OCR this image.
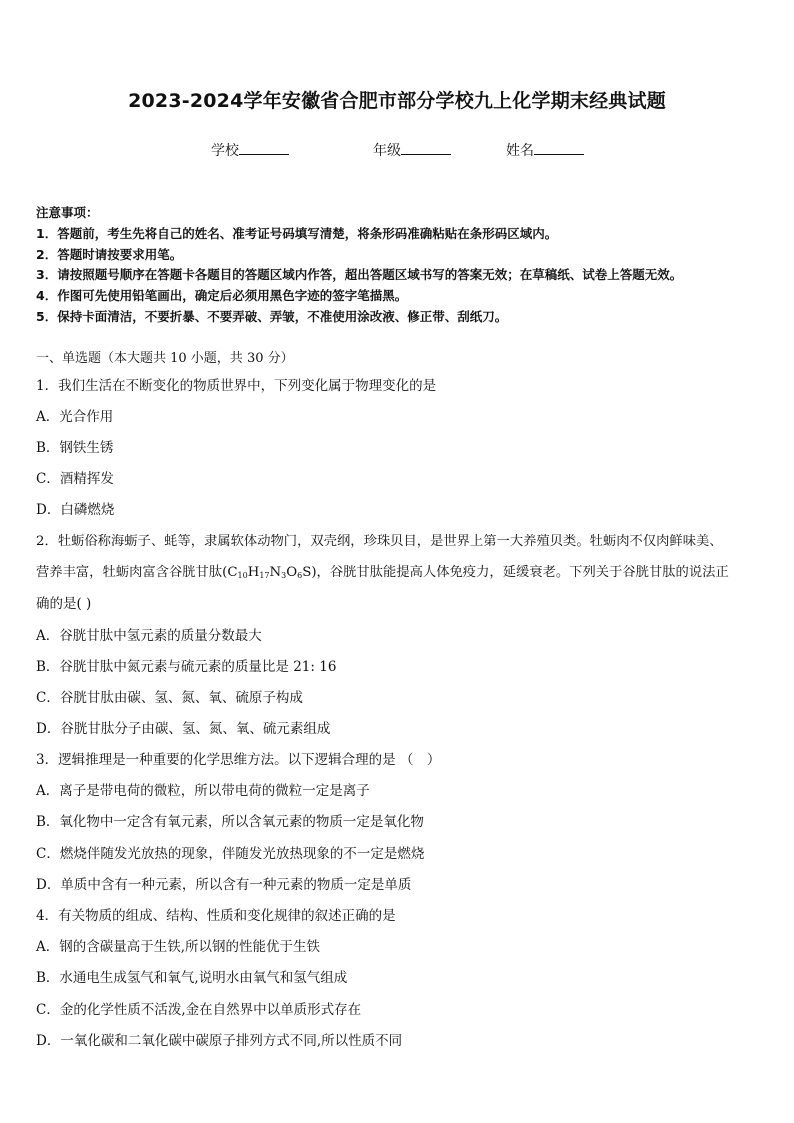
2023-2024学年安徽省合肥市部分学校九上化学期末经典试题
学校	年级	姓名
注意事项：
1．答题前，考生先将自己的姓名、准考证号码填写清楚，将条形码准确粘贴在条形码区域内。
2．答题时请按要求用笔。
3．请按照题号顺序在答题卡各题目的答题区域内作答，超出答题区域书写的答案无效；在草稿纸、试卷上答题无效。
4．作图可先使用铅笔画出，确定后必须用黑色字迹的签字笔描黑。
5．保持卡面清洁，不要折暴、不要弄破、弄皱，不准使用涂改液、修正带、刮纸刀。
一、单选题（本大题共 10 小题，共 30 分）
1．我们生活在不断变化的物质世界中，下列变化属于物理变化的是
A．光合作用
B．钢铁生锈
C．酒精挥发
D．白磷燃烧
2．牡蛎俗称海蛎子、蚝等，隶属软体动物门，双壳纲，珍珠贝目，是世界上第一大养殖贝类。牡蛎肉不仅肉鲜味美、
营养丰富，牡蛎肉富含谷胱甘肽$(C_{10}H_{17}N_3O_6S)$，谷胱甘肽能提高人体免疫力，延缓衰老。下列关于谷胱甘肽的说法正
确的是( )
A．谷胱甘肽中氢元素的质量分数最大
B．谷胱甘肽中氮元素与硫元素的质量比是 21: 16
C．谷胱甘肽由碳、氢、氮、氧、硫原子构成
D．谷胱甘肽分子由碳、氢、氮、氧、硫元素组成
3．逻辑推理是一种重要的化学思维方法。以下逻辑合理的是 （　）
A．离子是带电荷的微粒，所以带电荷的微粒一定是离子
B．氧化物中一定含有氧元素，所以含氧元素的物质一定是氧化物
C．燃烧伴随发光放热的现象，伴随发光放热现象的不一定是燃烧
D．单质中含有一种元素，所以含有一种元素的物质一定是单质
4．有关物质的组成、结构、性质和变化规律的叙述正确的是
A．钢的含碳量高于生铁,所以钢的性能优于生铁
B．水通电生成氢气和氧气,说明水由氧气和氢气组成
C．金的化学性质不活泼,金在自然界中以单质形式存在
D．一氧化碳和二氧化碳中碳原子排列方式不同,所以性质不同
